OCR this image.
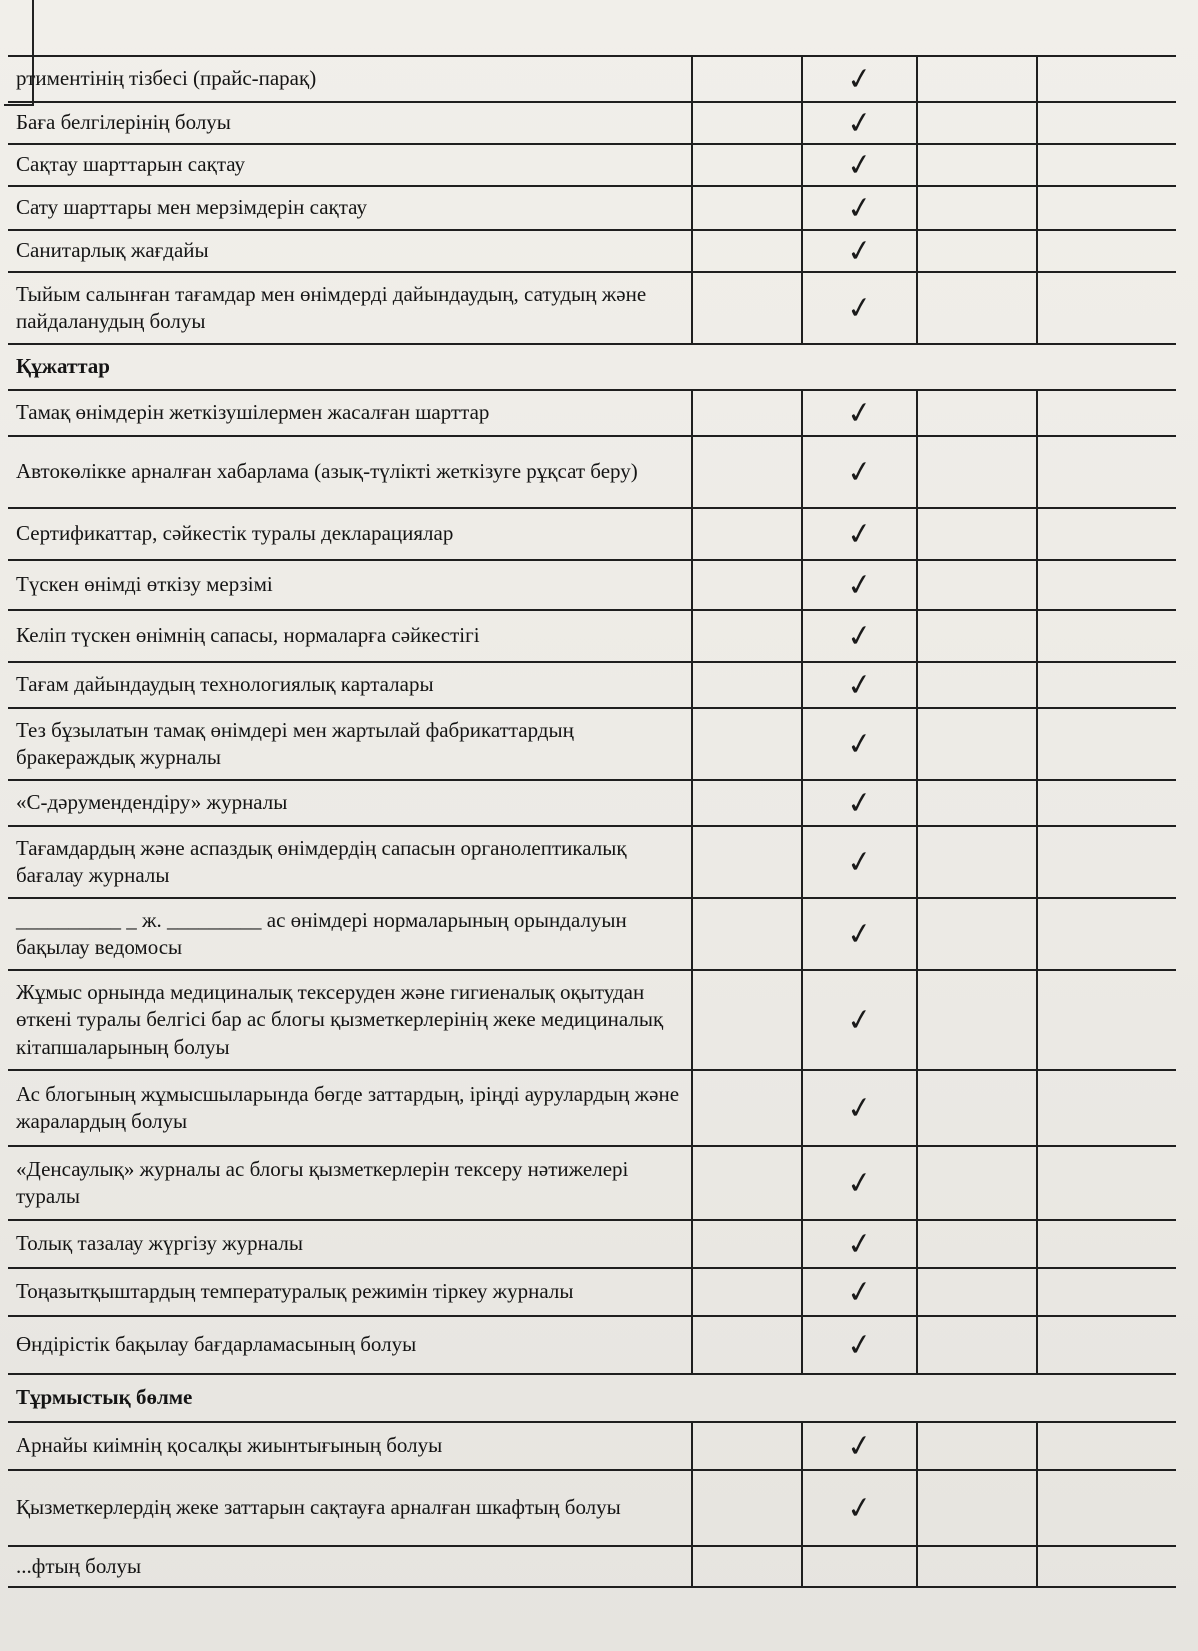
ртиментінің тізбесі (прайс-парақ)		✓		
Баға белгілерінің болуы		✓		
Сақтау шарттарын сақтау		✓		
Сату шарттары мен мерзімдерін сақтау		✓		
Санитарлық жағдайы		✓		
Тыйым салынған тағамдар мен өнімдерді дайындаудың, сатудың және пайдаланудың болуы		✓		
Құжаттар				
Тамақ өнімдерін жеткізушілермен жасалған шарттар		✓		
Автокөлікке арналған хабарлама (азық-түлікті жеткізуге рұқсат беру)		✓		
Сертификаттар, сәйкестік туралы декларациялар		✓		
Түскен өнімді өткізу мерзімі		✓		
Келіп түскен өнімнің сапасы, нормаларға сәйкестігі		✓		
Тағам дайындаудың технологиялық карталары		✓		
Тез бұзылатын тамақ өнімдері мен жартылай фабрикаттардың бракераждық журналы		✓		
«С-дәрумендендіру» журналы		✓		
Тағамдардың және аспаздық өнімдердің сапасын органолептикалық бағалау журналы		✓		
__________ _ ж. _________ ас өнімдері нормаларының орындалуын бақылау ведомосы		✓		
Жұмыс орнында медициналық тексеруден және гигиеналық оқытудан өткені туралы белгісі бар ас блогы қызметкерлерінің жеке медициналық кітапшаларының болуы		✓		
Ас блогының жұмысшыларында бөгде заттардың, іріңді аурулардың және жаралардың болуы		✓		
«Денсаулық» журналы ас блогы қызметкерлерін тексеру нәтижелері туралы		✓		
Толық тазалау жүргізу журналы		✓		
Тоңазытқыштардың температуралық режимін тіркеу журналы		✓		
Өндірістік бақылау бағдарламасының болуы		✓		
Тұрмыстық бөлме				
Арнайы киімнің қосалқы жиынтығының болуы		✓		
Қызметкерлердің жеке заттарын сақтауға арналған шкафтың болуы		✓		
...фтың болуы				
